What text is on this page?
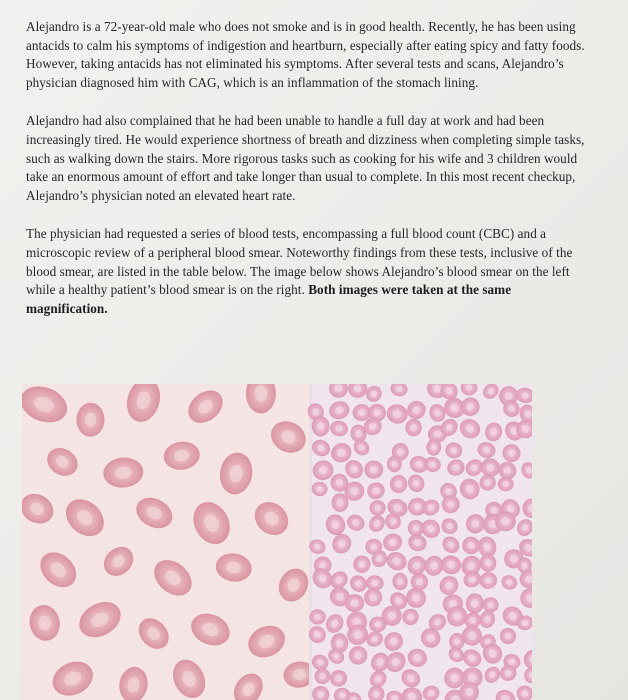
Alejandro is a 72-year-old male who does not smoke and is in good health. Recently, he has been using antacids to calm his symptoms of indigestion and heartburn, especially after eating spicy and fatty foods. However, taking antacids has not eliminated his symptoms. After several tests and scans, Alejandro’s physician diagnosed him with CAG, which is an inflammation of the stomach lining.

Alejandro had also complained that he had been unable to handle a full day at work and had been increasingly tired. He would experience shortness of breath and dizziness when completing simple tasks, such as walking down the stairs. More rigorous tasks such as cooking for his wife and 3 children would take an enormous amount of effort and take longer than usual to complete. In this most recent checkup, Alejandro’s physician noted an elevated heart rate.

The physician had requested a series of blood tests, encompassing a full blood count (CBC) and a microscopic review of a peripheral blood smear. Noteworthy findings from these tests, inclusive of the blood smear, are listed in the table below. The image below shows Alejandro’s blood smear on the left while a healthy patient’s blood smear is on the right. Both images were taken at the same magnification.
